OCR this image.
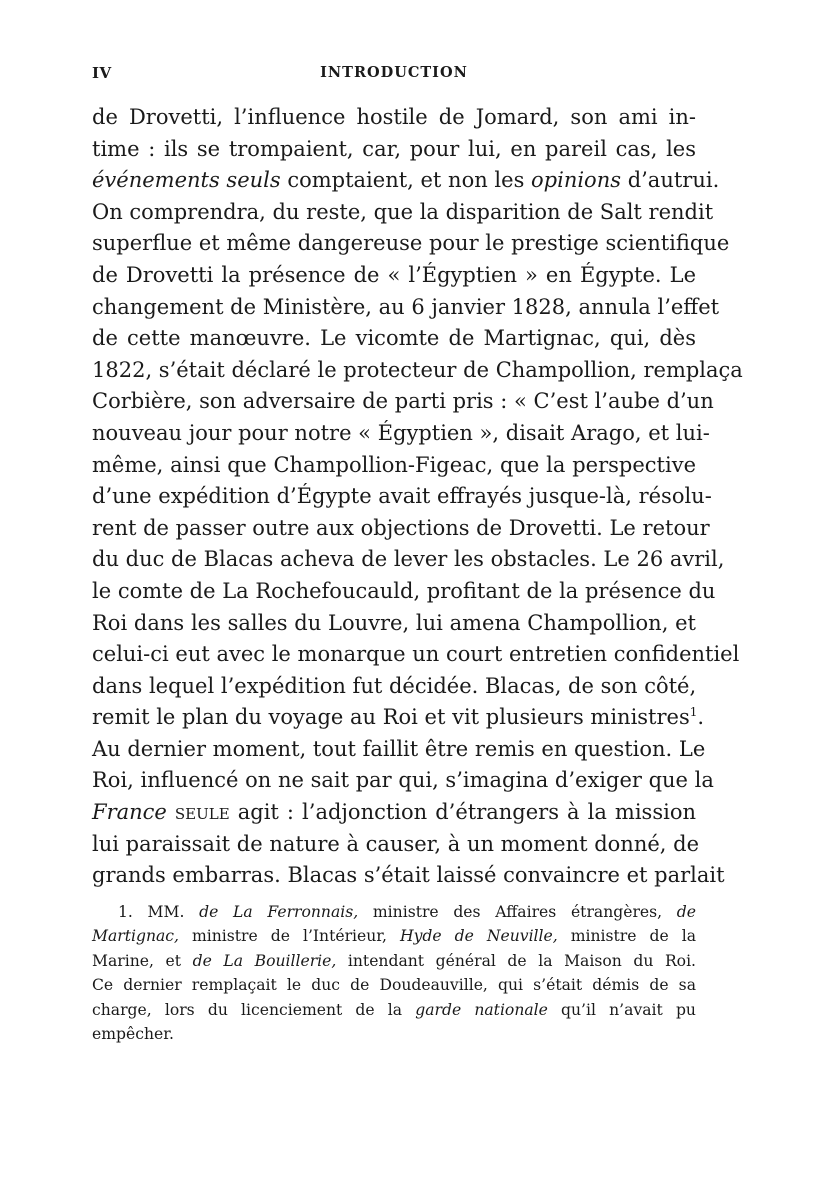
IV	INTRODUCTION
de Drovetti, l’influence hostile de Jomard, son ami in-
time : ils se trompaient, car, pour lui, en pareil cas, les
événements seuls comptaient, et non les opinions d’autrui.
On comprendra, du reste, que la disparition de Salt rendit
superflue et même dangereuse pour le prestige scientifique
de Drovetti la présence de « l’Égyptien » en Égypte. Le
changement de Ministère, au 6 janvier 1828, annula l’effet
de cette manœuvre. Le vicomte de Martignac, qui, dès
1822, s’était déclaré le protecteur de Champollion, remplaça
Corbière, son adversaire de parti pris : « C’est l’aube d’un
nouveau jour pour notre « Égyptien », disait Arago, et lui-
même, ainsi que Champollion-Figeac, que la perspective
d’une expédition d’Égypte avait effrayés jusque-là, résolu-
rent de passer outre aux objections de Drovetti. Le retour
du duc de Blacas acheva de lever les obstacles. Le 26 avril,
le comte de La Rochefoucauld, profitant de la présence du
Roi dans les salles du Louvre, lui amena Champollion, et
celui-ci eut avec le monarque un court entretien confidentiel
dans lequel l’expédition fut décidée. Blacas, de son côté,
remit le plan du voyage au Roi et vit plusieurs ministres$^1$.
Au dernier moment, tout faillit être remis en question. Le
Roi, influencé on ne sait par qui, s’imagina d’exiger que la
France seule agit : l’adjonction d’étrangers à la mission
lui paraissait de nature à causer, à un moment donné, de
grands embarras. Blacas s’était laissé convaincre et parlait
1. MM. de La Ferronnais, ministre des Affaires étrangères, de
Martignac, ministre de l’Intérieur, Hyde de Neuville, ministre de la
Marine, et de La Bouillerie, intendant général de la Maison du Roi.
Ce dernier remplaçait le duc de Doudeauville, qui s’était démis de sa
charge, lors du licenciement de la garde nationale qu’il n’avait pu
empêcher.
